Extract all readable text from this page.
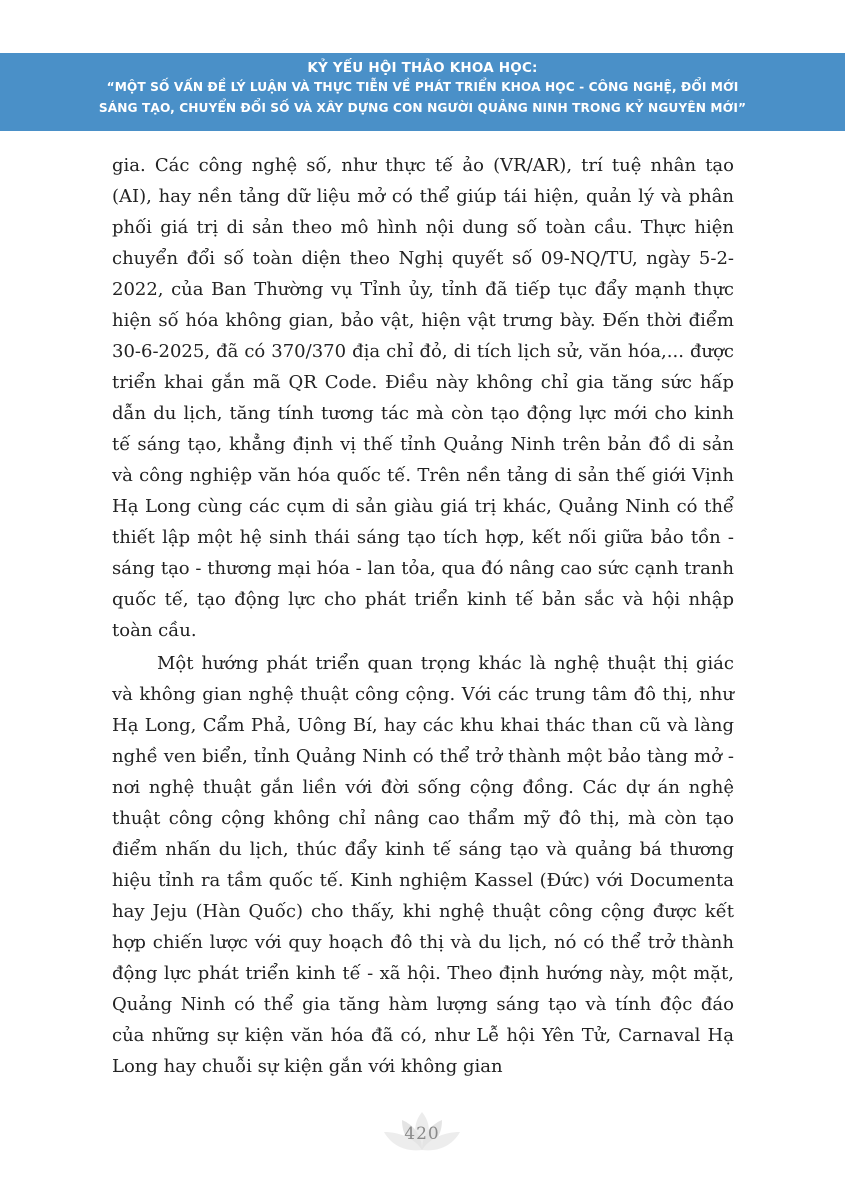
KỶ YẾU HỘI THẢO KHOA HỌC:
“MỘT SỐ VẤN ĐỀ LÝ LUẬN VÀ THỰC TIỄN VỀ PHÁT TRIỂN KHOA HỌC - CÔNG NGHỆ, ĐỔI MỚI
SÁNG TẠO, CHUYỂN ĐỔI SỐ VÀ XÂY DỰNG CON NGƯỜI QUẢNG NINH TRONG KỶ NGUYÊN MỚI”

gia. Các công nghệ số, như thực tế ảo (VR/AR), trí tuệ nhân tạo (AI), hay nền tảng dữ liệu mở có thể giúp tái hiện, quản lý và phân phối giá trị di sản theo mô hình nội dung số toàn cầu. Thực hiện chuyển đổi số toàn diện theo Nghị quyết số 09-NQ/TU, ngày 5-2-2022, của Ban Thường vụ Tỉnh ủy, tỉnh đã tiếp tục đẩy mạnh thực hiện số hóa không gian, bảo vật, hiện vật trưng bày. Đến thời điểm 30-6-2025, đã có 370/370 địa chỉ đỏ, di tích lịch sử, văn hóa,... được triển khai gắn mã QR Code. Điều này không chỉ gia tăng sức hấp dẫn du lịch, tăng tính tương tác mà còn tạo động lực mới cho kinh tế sáng tạo, khẳng định vị thế tỉnh Quảng Ninh trên bản đồ di sản và công nghiệp văn hóa quốc tế. Trên nền tảng di sản thế giới Vịnh Hạ Long cùng các cụm di sản giàu giá trị khác, Quảng Ninh có thể thiết lập một hệ sinh thái sáng tạo tích hợp, kết nối giữa bảo tồn - sáng tạo - thương mại hóa - lan tỏa, qua đó nâng cao sức cạnh tranh quốc tế, tạo động lực cho phát triển kinh tế bản sắc và hội nhập toàn cầu.

Một hướng phát triển quan trọng khác là nghệ thuật thị giác và không gian nghệ thuật công cộng. Với các trung tâm đô thị, như Hạ Long, Cẩm Phả, Uông Bí, hay các khu khai thác than cũ và làng nghề ven biển, tỉnh Quảng Ninh có thể trở thành một bảo tàng mở - nơi nghệ thuật gắn liền với đời sống cộng đồng. Các dự án nghệ thuật công cộng không chỉ nâng cao thẩm mỹ đô thị, mà còn tạo điểm nhấn du lịch, thúc đẩy kinh tế sáng tạo và quảng bá thương hiệu tỉnh ra tầm quốc tế. Kinh nghiệm Kassel (Đức) với Documenta hay Jeju (Hàn Quốc) cho thấy, khi nghệ thuật công cộng được kết hợp chiến lược với quy hoạch đô thị và du lịch, nó có thể trở thành động lực phát triển kinh tế - xã hội. Theo định hướng này, một mặt, Quảng Ninh có thể gia tăng hàm lượng sáng tạo và tính độc đáo của những sự kiện văn hóa đã có, như Lễ hội Yên Tử, Carnaval Hạ Long hay chuỗi sự kiện gắn với không gian

420
